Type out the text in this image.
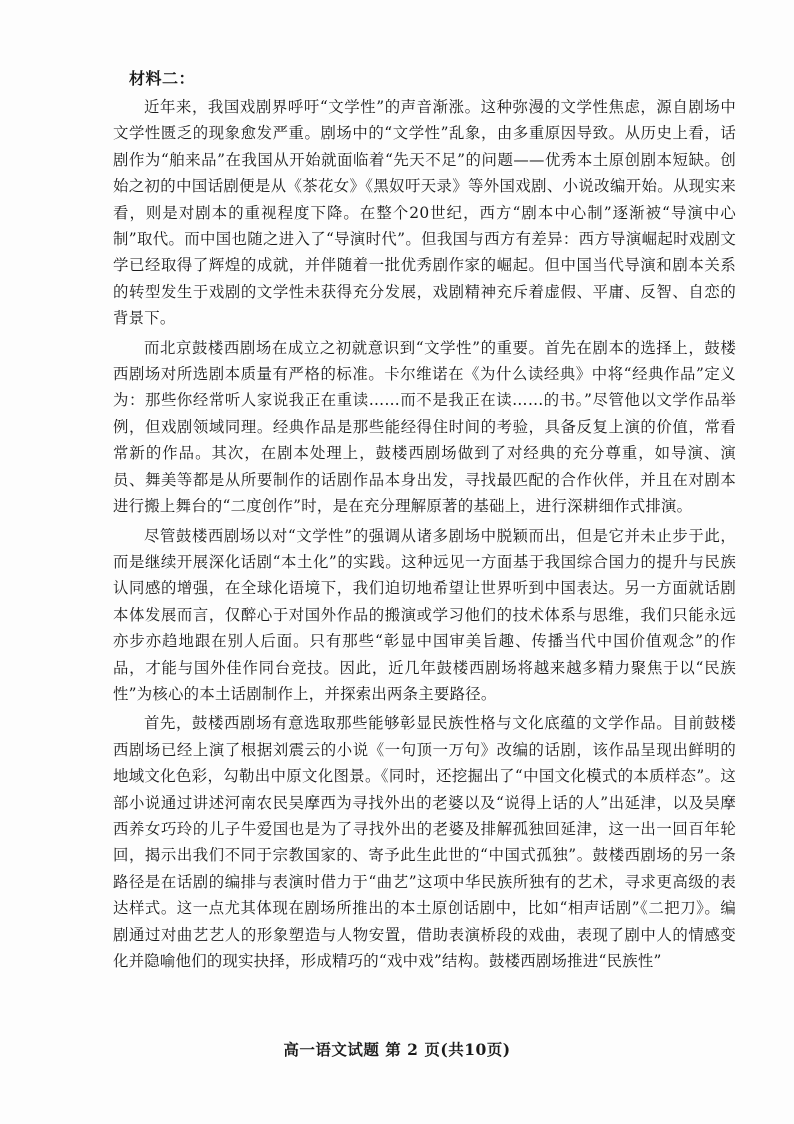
材料二：

近年来，我国戏剧界呼吁“文学性”的声音渐涨。这种弥漫的文学性焦虑，源自剧场中文学性匮乏的现象愈发严重。剧场中的“文学性”乱象，由多重原因导致。从历史上看，话剧作为“舶来品”在我国从开始就面临着“先天不足”的问题——优秀本土原创剧本短缺。创始之初的中国话剧便是从《茶花女》《黑奴吁天录》等外国戏剧、小说改编开始。从现实来看，则是对剧本的重视程度下降。在整个20世纪，西方“剧本中心制”逐渐被“导演中心制”取代。而中国也随之进入了“导演时代”。但我国与西方有差异：西方导演崛起时戏剧文学已经取得了辉煌的成就，并伴随着一批优秀剧作家的崛起。但中国当代导演和剧本关系的转型发生于戏剧的文学性未获得充分发展，戏剧精神充斥着虚假、平庸、反智、自恋的背景下。

而北京鼓楼西剧场在成立之初就意识到“文学性”的重要。首先在剧本的选择上，鼓楼西剧场对所选剧本质量有严格的标准。卡尔维诺在《为什么读经典》中将“经典作品”定义为：那些你经常听人家说我正在重读……而不是我正在读……的书。”尽管他以文学作品举例，但戏剧领域同理。经典作品是那些能经得住时间的考验，具备反复上演的价值，常看常新的作品。其次，在剧本处理上，鼓楼西剧场做到了对经典的充分尊重，如导演、演员、舞美等都是从所要制作的话剧作品本身出发，寻找最匹配的合作伙伴，并且在对剧本进行搬上舞台的“二度创作”时，是在充分理解原著的基础上，进行深耕细作式排演。

尽管鼓楼西剧场以对“文学性”的强调从诸多剧场中脱颖而出，但是它并未止步于此，而是继续开展深化话剧“本土化”的实践。这种远见一方面基于我国综合国力的提升与民族认同感的增强，在全球化语境下，我们迫切地希望让世界听到中国表达。另一方面就话剧本体发展而言，仅醉心于对国外作品的搬演或学习他们的技术体系与思维，我们只能永远亦步亦趋地跟在别人后面。只有那些“彰显中国审美旨趣、传播当代中国价值观念”的作品，才能与国外佳作同台竞技。因此，近几年鼓楼西剧场将越来越多精力聚焦于以“民族性”为核心的本土话剧制作上，并探索出两条主要路径。

首先，鼓楼西剧场有意选取那些能够彰显民族性格与文化底蕴的文学作品。目前鼓楼西剧场已经上演了根据刘震云的小说《一句顶一万句》改编的话剧，该作品呈现出鲜明的地域文化色彩，勾勒出中原文化图景。《同时，还挖掘出了“中国文化模式的本质样态”。这部小说通过讲述河南农民吴摩西为寻找外出的老婆以及“说得上话的人”出延津，以及吴摩西养女巧玲的儿子牛爱国也是为了寻找外出的老婆及排解孤独回延津，这一出一回百年轮回，揭示出我们不同于宗教国家的、寄予此生此世的“中国式孤独”。鼓楼西剧场的另一条路径是在话剧的编排与表演时借力于“曲艺”这项中华民族所独有的艺术，寻求更高级的表达样式。这一点尤其体现在剧场所推出的本土原创话剧中，比如“相声话剧”《二把刀》。编剧通过对曲艺艺人的形象塑造与人物安置，借助表演桥段的戏曲，表现了剧中人的情感变化并隐喻他们的现实抉择，形成精巧的“戏中戏”结构。鼓楼西剧场推进“民族性”

高一语文试题 第 2 页(共10页)
